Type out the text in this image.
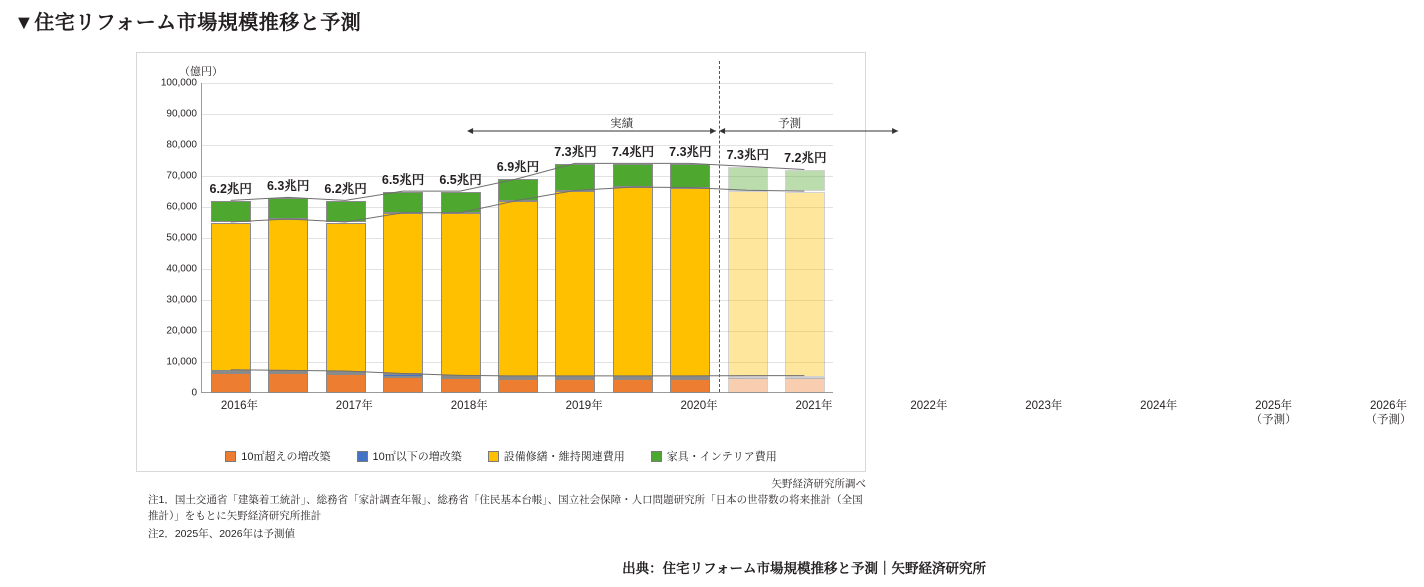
▼住宅リフォーム市場規模推移と予測
（億円）
0
10,000
20,000
30,000
40,000
50,000
60,000
70,000
80,000
90,000
100,000
6.2兆円
2016年
6.3兆円
2017年
6.2兆円
2018年
6.5兆円
2019年
6.5兆円
2020年
6.9兆円
2021年
7.3兆円
2022年
7.4兆円
2023年
7.3兆円
2024年
7.3兆円
2025年
（予測）
7.2兆円
2026年
（予測）
10㎡超えの増改築	10㎡以下の増改築	設備修繕・維持関連費用	家具・インテリア費用
実績	予測
矢野経済研究所調べ
注1．国土交通省「建築着工統計」、総務省「家計調査年報」、総務省「住民基本台帳」、国立社会保障・人口問題研究所「日本の世帯数の将来推計（全国推計）」をもとに矢野経済研究所推計
注2．2025年、2026年は予測値
出典：住宅リフォーム市場規模推移と予測｜矢野経済研究所
